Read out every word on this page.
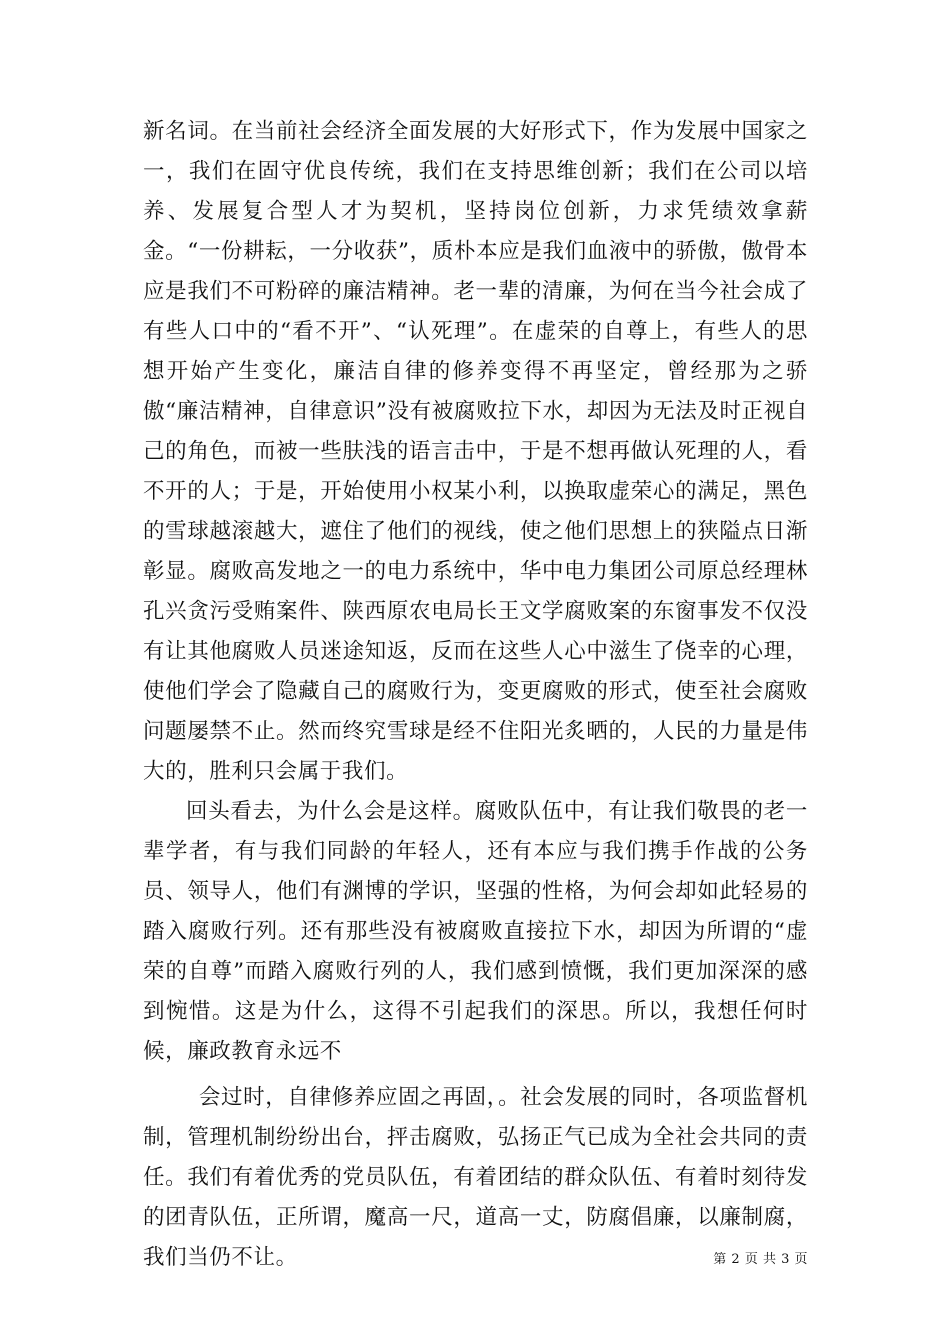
新名词。在当前社会经济全面发展的大好形式下，作为发展中国家之一，我们在固守优良传统，我们在支持思维创新；我们在公司以培养、发展复合型人才为契机，坚持岗位创新，力求凭绩效拿薪金。“一份耕耘，一分收获”，质朴本应是我们血液中的骄傲，傲骨本应是我们不可粉碎的廉洁精神。老一辈的清廉，为何在当今社会成了有些人口中的“看不开”、“认死理”。在虚荣的自尊上，有些人的思想开始产生变化，廉洁自律的修养变得不再坚定，曾经那为之骄傲“廉洁精神，自律意识”没有被腐败拉下水，却因为无法及时正视自己的角色，而被一些肤浅的语言击中，于是不想再做认死理的人，看不开的人；于是，开始使用小权某小利，以换取虚荣心的满足，黑色的雪球越滚越大，遮住了他们的视线，使之他们思想上的狭隘点日渐彰显。腐败高发地之一的电力系统中，华中电力集团公司原总经理林孔兴贪污受贿案件、陕西原农电局长王文学腐败案的东窗事发不仅没有让其他腐败人员迷途知返，反而在这些人心中滋生了侥幸的心理，使他们学会了隐藏自己的腐败行为，变更腐败的形式，使至社会腐败问题屡禁不止。然而终究雪球是经不住阳光炙晒的，人民的力量是伟大的，胜利只会属于我们。

回头看去，为什么会是这样。腐败队伍中，有让我们敬畏的老一辈学者，有与我们同龄的年轻人，还有本应与我们携手作战的公务员、领导人，他们有渊博的学识，坚强的性格，为何会却如此轻易的踏入腐败行列。还有那些没有被腐败直接拉下水，却因为所谓的“虚荣的自尊”而踏入腐败行列的人，我们感到愤慨，我们更加深深的感到惋惜。这是为什么，这得不引起我们的深思。所以，我想任何时候，廉政教育永远不

会过时，自律修养应固之再固，。社会发展的同时，各项监督机制，管理机制纷纷出台，抨击腐败，弘扬正气已成为全社会共同的责任。我们有着优秀的党员队伍，有着团结的群众队伍、有着时刻待发的团青队伍，正所谓，魔高一尺，道高一丈，防腐倡廉，以廉制腐，我们当仍不让。	第 2 页 共 3 页
